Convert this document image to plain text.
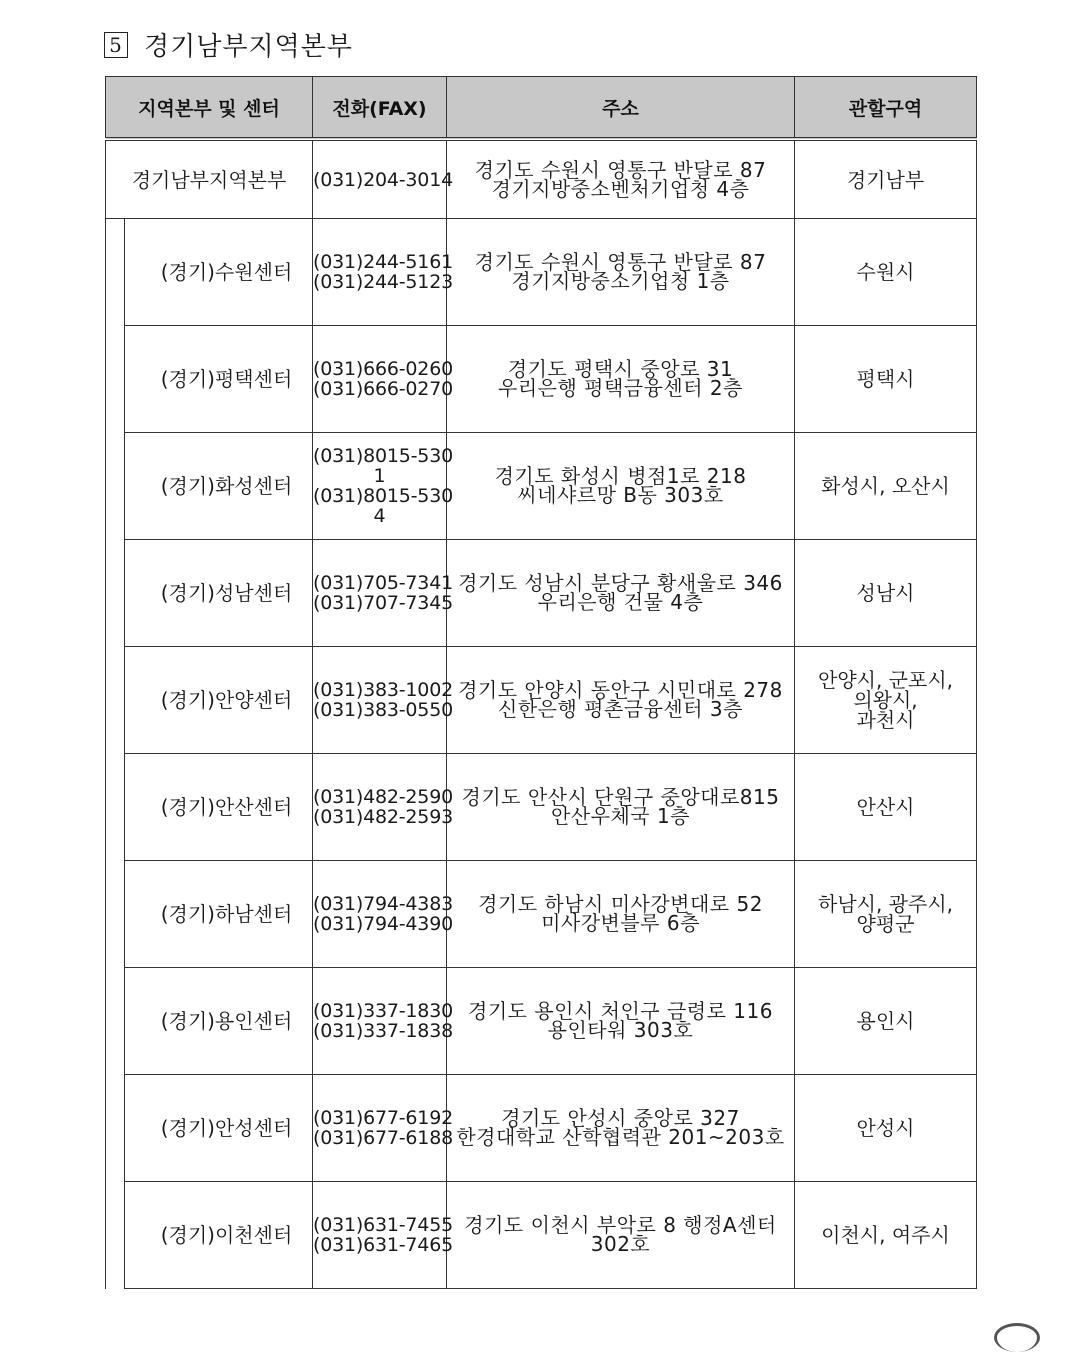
5 경기남부지역본부
지역본부 및 센터		전화(FAX)	주소	관할구역
경기남부지역본부		(031)204-3014	경기도 수원시 영통구 반달로 87
경기지방중소벤처기업청 4층	경기남부

	(경기)수원센터	(031)244-5161
(031)244-5123	경기도 수원시 영통구 반달로 87
경기지방중소기업청 1층	수원시

	(경기)평택센터	(031)666-0260
(031)666-0270	경기도 평택시 중앙로 31
우리은행 평택금융센터 2층	평택시

	(경기)화성센터	(031)8015-530
1
(031)8015-530
4	경기도 화성시 병점1로 218
씨네샤르망 B동 303호	화성시, 오산시

	(경기)성남센터	(031)705-7341
(031)707-7345	경기도 성남시 분당구 황새울로 346
우리은행 건물 4층	성남시

	(경기)안양센터	(031)383-1002
(031)383-0550	경기도 안양시 동안구 시민대로 278
신한은행 평촌금융센터 3층	안양시, 군포시,
의왕시,
과천시

	(경기)안산센터	(031)482-2590
(031)482-2593	경기도 안산시 단원구 중앙대로815
안산우체국 1층	안산시

	(경기)하남센터	(031)794-4383
(031)794-4390	경기도 하남시 미사강변대로 52
미사강변블루 6층	하남시, 광주시,
양평군

	(경기)용인센터	(031)337-1830
(031)337-1838	경기도 용인시 처인구 금령로 116
용인타워 303호	용인시

	(경기)안성센터	(031)677-6192
(031)677-6188	경기도 안성시 중앙로 327
한경대학교 산학협력관 201~203호	안성시

	(경기)이천센터	(031)631-7455
(031)631-7465	경기도 이천시 부악로 8 행정A센터
302호	이천시, 여주시
